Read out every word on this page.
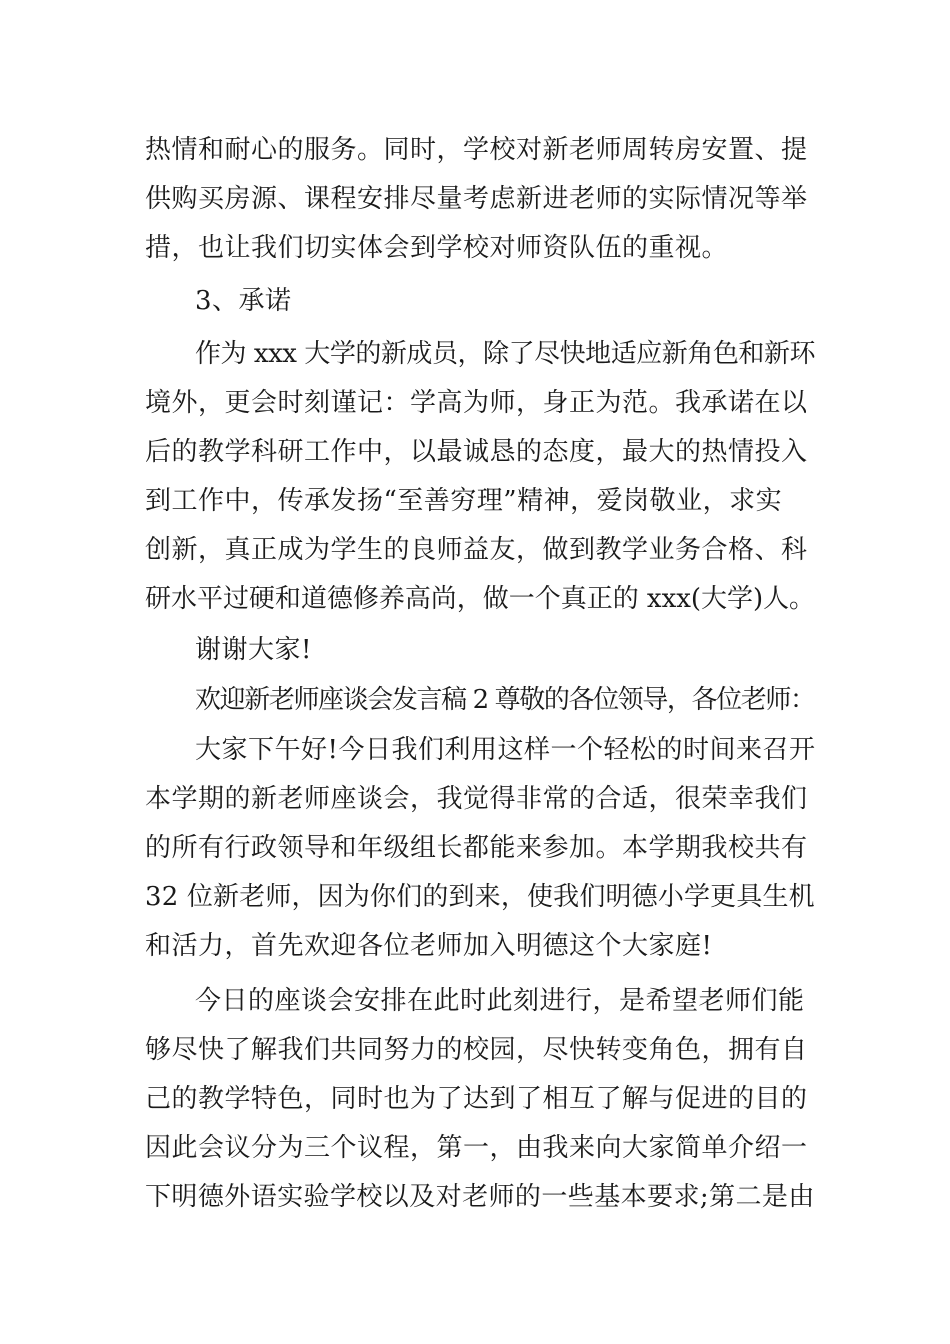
热情和耐心的服务。同时，学校对新老师周转房安置、提
供购买房源、课程安排尽量考虑新进老师的实际情况等举
措，也让我们切实体会到学校对师资队伍的重视。
3、承诺
作为 xxx 大学的新成员，除了尽快地适应新角色和新环
境外，更会时刻谨记：学高为师，身正为范。我承诺在以
后的教学科研工作中，以最诚恳的态度，最大的热情投入
到工作中，传承发扬“至善穷理”精神，爱岗敬业，求实
创新，真正成为学生的良师益友，做到教学业务合格、科
研水平过硬和道德修养高尚，做一个真正的 xxx(大学)人。
谢谢大家!
欢迎新老师座谈会发言稿 2 尊敬的各位领导，各位老师：
大家下午好!今日我们利用这样一个轻松的时间来召开
本学期的新老师座谈会，我觉得非常的合适，很荣幸我们
的所有行政领导和年级组长都能来参加。本学期我校共有
32 位新老师，因为你们的到来，使我们明德小学更具生机
和活力，首先欢迎各位老师加入明德这个大家庭!
今日的座谈会安排在此时此刻进行，是希望老师们能
够尽快了解我们共同努力的校园，尽快转变角色，拥有自
己的教学特色，同时也为了达到了相互了解与促进的目的
因此会议分为三个议程，第一，由我来向大家简单介绍一
下明德外语实验学校以及对老师的一些基本要求;第二是由
